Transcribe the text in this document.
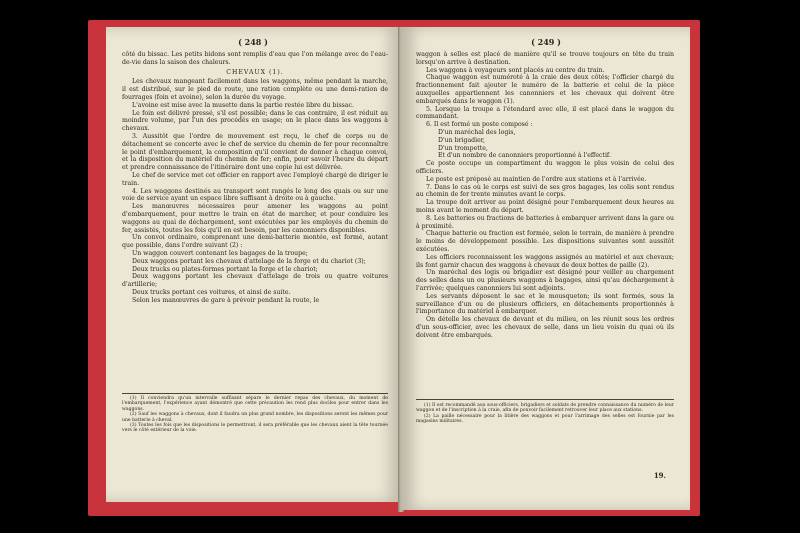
( 248 )

côté du bissac. Les petits bidons sont remplis d'eau que l'on mélange avec de l'eau-de-vie dans la saison des chaleurs.

CHEVAUX (1).

Les chevaux mangeant facilement dans les waggons, même pendant la marche, il est distribué, sur le pied de route, une ration complète ou une demi-ration de fourrages (foin et avoine), selon la durée du voyage.

L'avoine est mise avec la musette dans la partie restée libre du bissac.

Le foin est délivré pressé, s'il est possible; dans le cas contraire, il est réduit au moindre volume, par l'un des procédés en usage; on le place dans les waggons à chevaux.

3. Aussitôt que l'ordre de mouvement est reçu, le chef de corps ou de détachement se concerte avec le chef de service du chemin de fer pour reconnaître le point d'embarquement, la composition qu'il convient de donner à chaque convoi, et la disposition du matériel du chemin de fer; enfin, pour savoir l'heure du départ et prendre connaissance de l'itinéraire dont une copie lui est délivrée.

Le chef de service met cet officier en rapport avec l'employé chargé de diriger le train.

4. Les waggons destinés au transport sont rangés le long des quais ou sur une voie de service ayant un espace libre suffisant à droite ou à gauche.

Les manœuvres nécessaires pour amener les waggons au point d'embarquement, pour mettre le train en état de marcher, et pour conduire les waggons au quai de déchargement, sont exécutées par les employés du chemin de fer, assistés, toutes les fois qu'il en est besoin, par les canonniers disponibles.

Un convoi ordinaire, comprenant une demi-batterie montée, est formé, autant que possible, dans l'ordre suivant (2) :

Un waggon couvert contenant les bagages de la troupe;

Deux waggons portant les chevaux d'attelage de la forge et du chariot (3);

Deux trucks ou plates-formes portant la forge et le chariot;

Deux waggons portant les chevaux d'attelage de trois ou quatre voitures d'artillerie;

Deux trucks portant ces voitures, et ainsi de suite.

Selon les manœuvres de gare à prévoir pendant la route, le

(1) Il conviendra qu'un intervalle suffisant sépare le dernier repas des chevaux, du moment de l'embarquement, l'expérience ayant démontré que cette précaution les rend plus dociles pour entrer dans les waggons.

(2) Sauf les waggons à chevaux, dont il faudra un plus grand nombre, les dispositions seront les mêmes pour une batterie à cheval.

(3) Toutes les fois que les dispositions le permettront, il sera préférable que les chevaux aient la tête tournée vers le côté extérieur de la voie.

( 249 )

waggon à selles est placé de manière qu'il se trouve toujours en tête du train lorsqu'on arrive à destination.

Les waggons à voyageurs sont placés au centre du train.

Chaque waggon est numéroté à la craie des deux côtés; l'officier chargé du fractionnement fait ajouter le numéro de la batterie et celui de la pièce auxquelles appartiennent les canonniers et les chevaux qui doivent être embarqués dans le waggon (1).

5. Lorsque la troupe a l'étendard avec elle, il est placé dans le waggon du commandant.

6. Il est formé un poste composé :

D'un maréchal des logis,

D'un brigadier,

D'un trompette,

Et d'un nombre de canonniers proportionné à l'effectif.

Ce poste occupe un compartiment du waggon le plus voisin de celui des officiers.

Le poste est préposé au maintien de l'ordre aux stations et à l'arrivée.

7. Dans le cas où le corps est suivi de ses gros bagages, les colis sont rendus au chemin de fer trente minutes avant le corps.

La troupe doit arriver au point désigné pour l'embarquement deux heures au moins avant le moment du départ.

8. Les batteries ou fractions de batteries à embarquer arrivent dans la gare ou à proximité.

Chaque batterie ou fraction est formée, selon le terrain, de manière à prendre le moins de développement possible. Les dispositions suivantes sont aussitôt exécutées.

Les officiers reconnaissent les waggons assignés au matériel et aux chevaux; ils font garnir chacun des waggons à chevaux de deux bottes de paille (2).

Un maréchal des logis ou brigadier est désigné pour veiller au chargement des selles dans un ou plusieurs waggons à bagages, ainsi qu'au déchargement à l'arrivée; quelques canonniers lui sont adjoints.

Les servants déposent le sac et le mousqueton; ils sont formés, sous la surveillance d'un ou de plusieurs officiers, en détachements proportionnés à l'importance du matériel à embarquer.

On dételle les chevaux de devant et du milieu, on les réunit sous les ordres d'un sous-officier, avec les chevaux de selle, dans un lieu voisin du quai où ils doivent être embarqués.

(1) Il est recommandé aux sous-officiers, brigadiers et soldats de prendre connaissance du numéro de leur waggon et de l'inscription à la craie, afin de pouvoir facilement retrouver leur place aux stations.

(2) La paille nécessaire pour la litière des waggons et pour l'arrimage des selles est fournie par les magasins militaires.

19.
